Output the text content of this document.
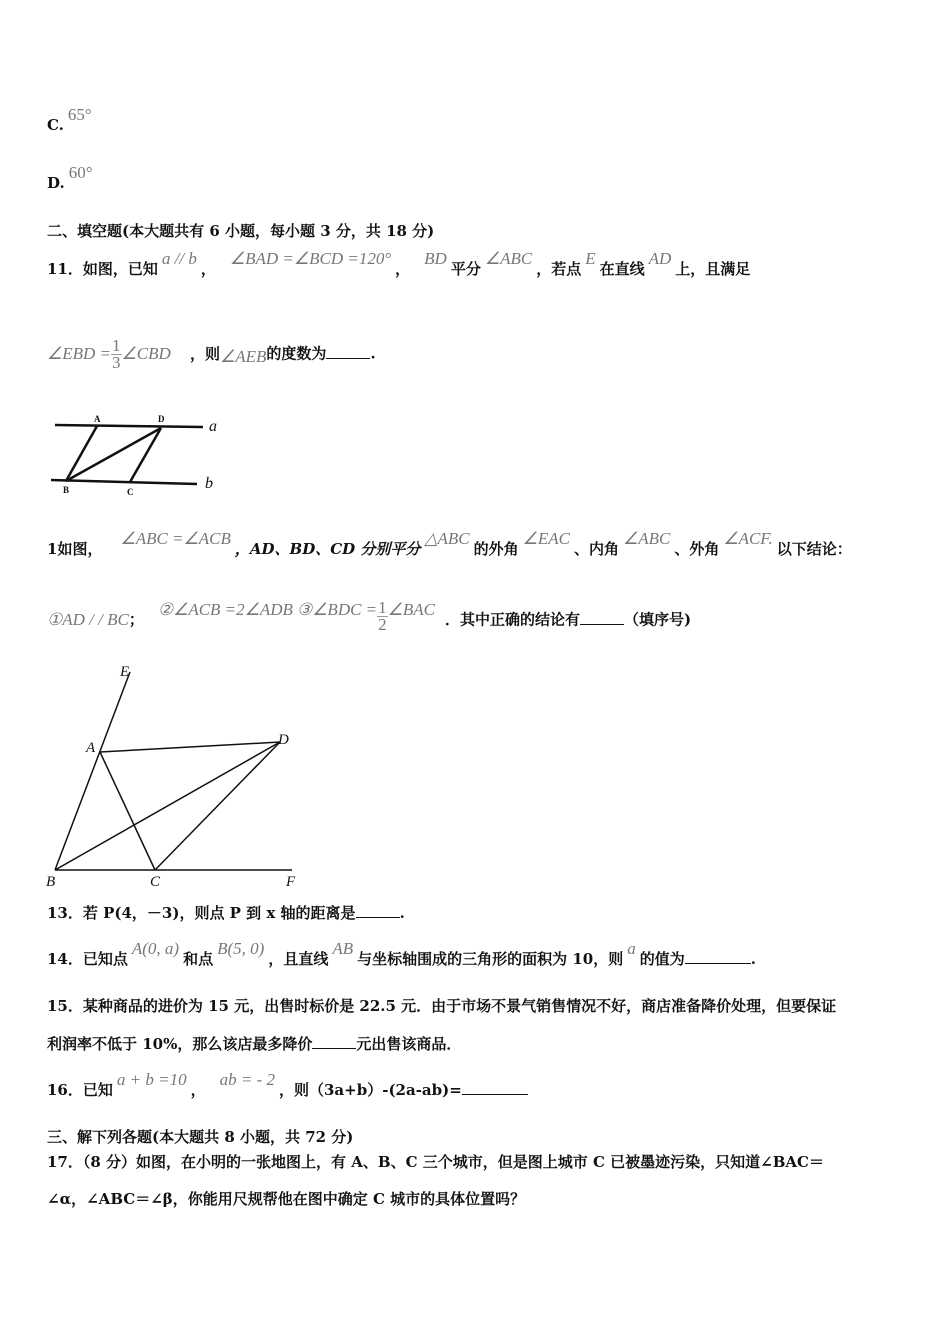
C.65°
D.60°
二、填空题(本大题共有 6 小题，每小题 3 分，共 18 分)
11．如图，已知a // b，∠BAD =∠BCD =120°，BD平分∠ABC，若点E在直线AD上，且满足
∠EBD = $\frac{1}{3}$ ∠CBD ，则∠AEB的度数为	.
A	D
B	C
a
b
1如图，∠ABC =∠ACB，AD、BD、CD 分别平分△ABC的外角∠EAC、内角∠ABC、外角∠ACF.以下结论：
①AD / / BC；②∠ACB =2∠ADB ③∠BDC = $\frac{1}{2}$ ∠BAC．其中正确的结论有	（填序号)
E
A	D
B	C	F
13．若 P(4，－3)，则点 P 到 x 轴的距离是	.
14．已知点A(0, a)和点B(5, 0)，且直线AB与坐标轴围成的三角形的面积为 10，则a的值为	.
15．某种商品的进价为 15 元，出售时标价是 22.5 元．由于市场不景气销售情况不好，商店准备降价处理，但要保证
利润率不低于 10%，那么该店最多降价	元出售该商品．
16．已知a + b =10，ab = - 2，则（3a+b）-(2a-ab)=
三、解下列各题(本大题共 8 小题，共 72 分)
17．（8 分）如图，在小明的一张地图上，有 A、B、C 三个城市，但是图上城市 C 已被墨迹污染，只知道∠BAC＝
∠α，∠ABC＝∠β，你能用尺规帮他在图中确定 C 城市的具体位置吗？
